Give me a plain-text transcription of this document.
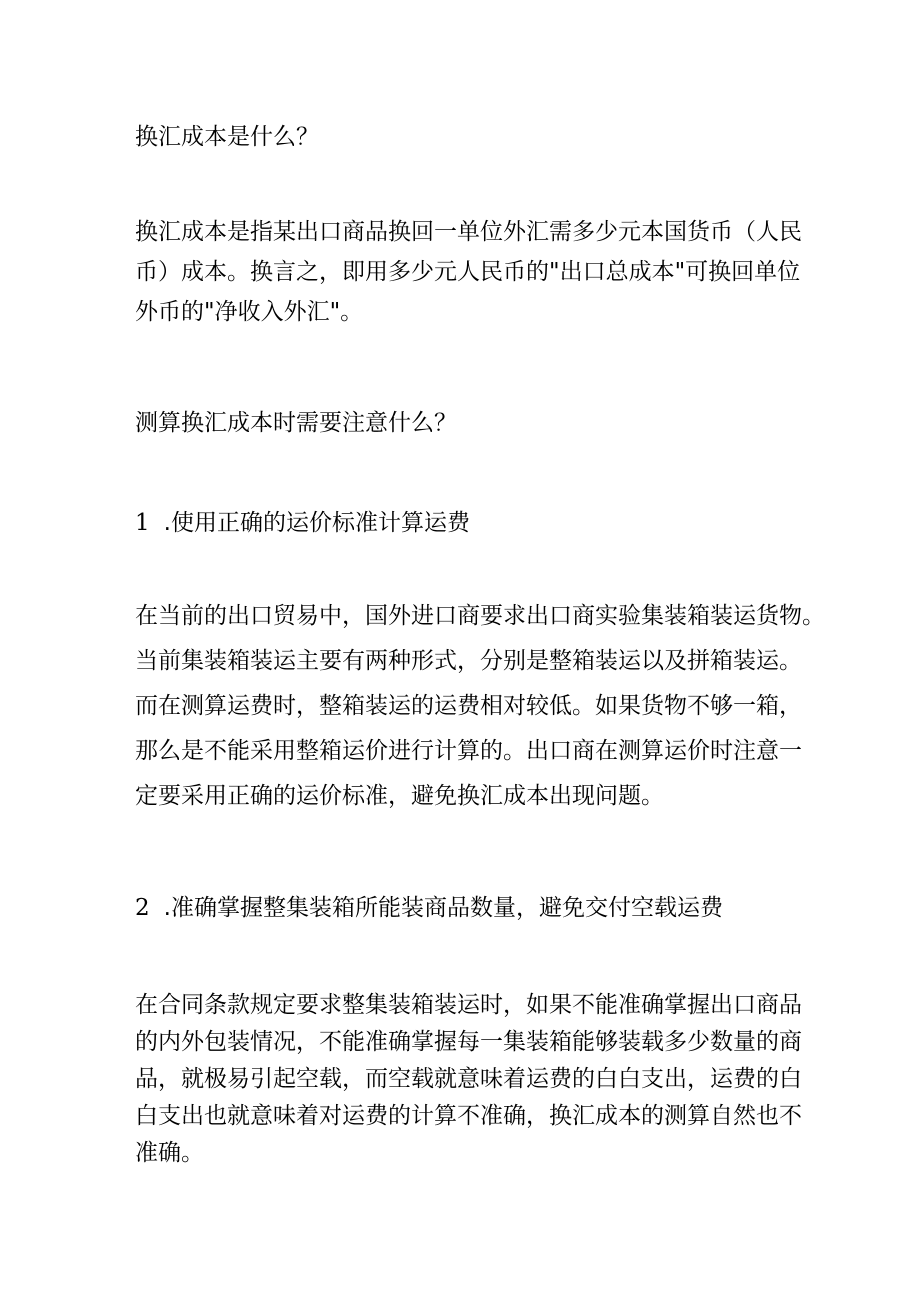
换汇成本是什么？

换汇成本是指某出口商品换回一单位外汇需多少元本国货币（人民
币）成本。换言之，即用多少元人民币的"出口总成本"可换回单位
外币的"净收入外汇"。

测算换汇成本时需要注意什么？

1 .使用正确的运价标准计算运费

在当前的出口贸易中，国外进口商要求出口商实验集装箱装运货物。
当前集装箱装运主要有两种形式，分别是整箱装运以及拼箱装运。
而在测算运费时，整箱装运的运费相对较低。如果货物不够一箱，
那么是不能采用整箱运价进行计算的。出口商在测算运价时注意一
定要采用正确的运价标准，避免换汇成本出现问题。

2 .准确掌握整集装箱所能装商品数量，避免交付空载运费

在合同条款规定要求整集装箱装运时，如果不能准确掌握出口商品
的内外包装情况，不能准确掌握每一集装箱能够装载多少数量的商
品，就极易引起空载，而空载就意味着运费的白白支出，运费的白
白支出也就意味着对运费的计算不准确，换汇成本的测算自然也不
准确。
